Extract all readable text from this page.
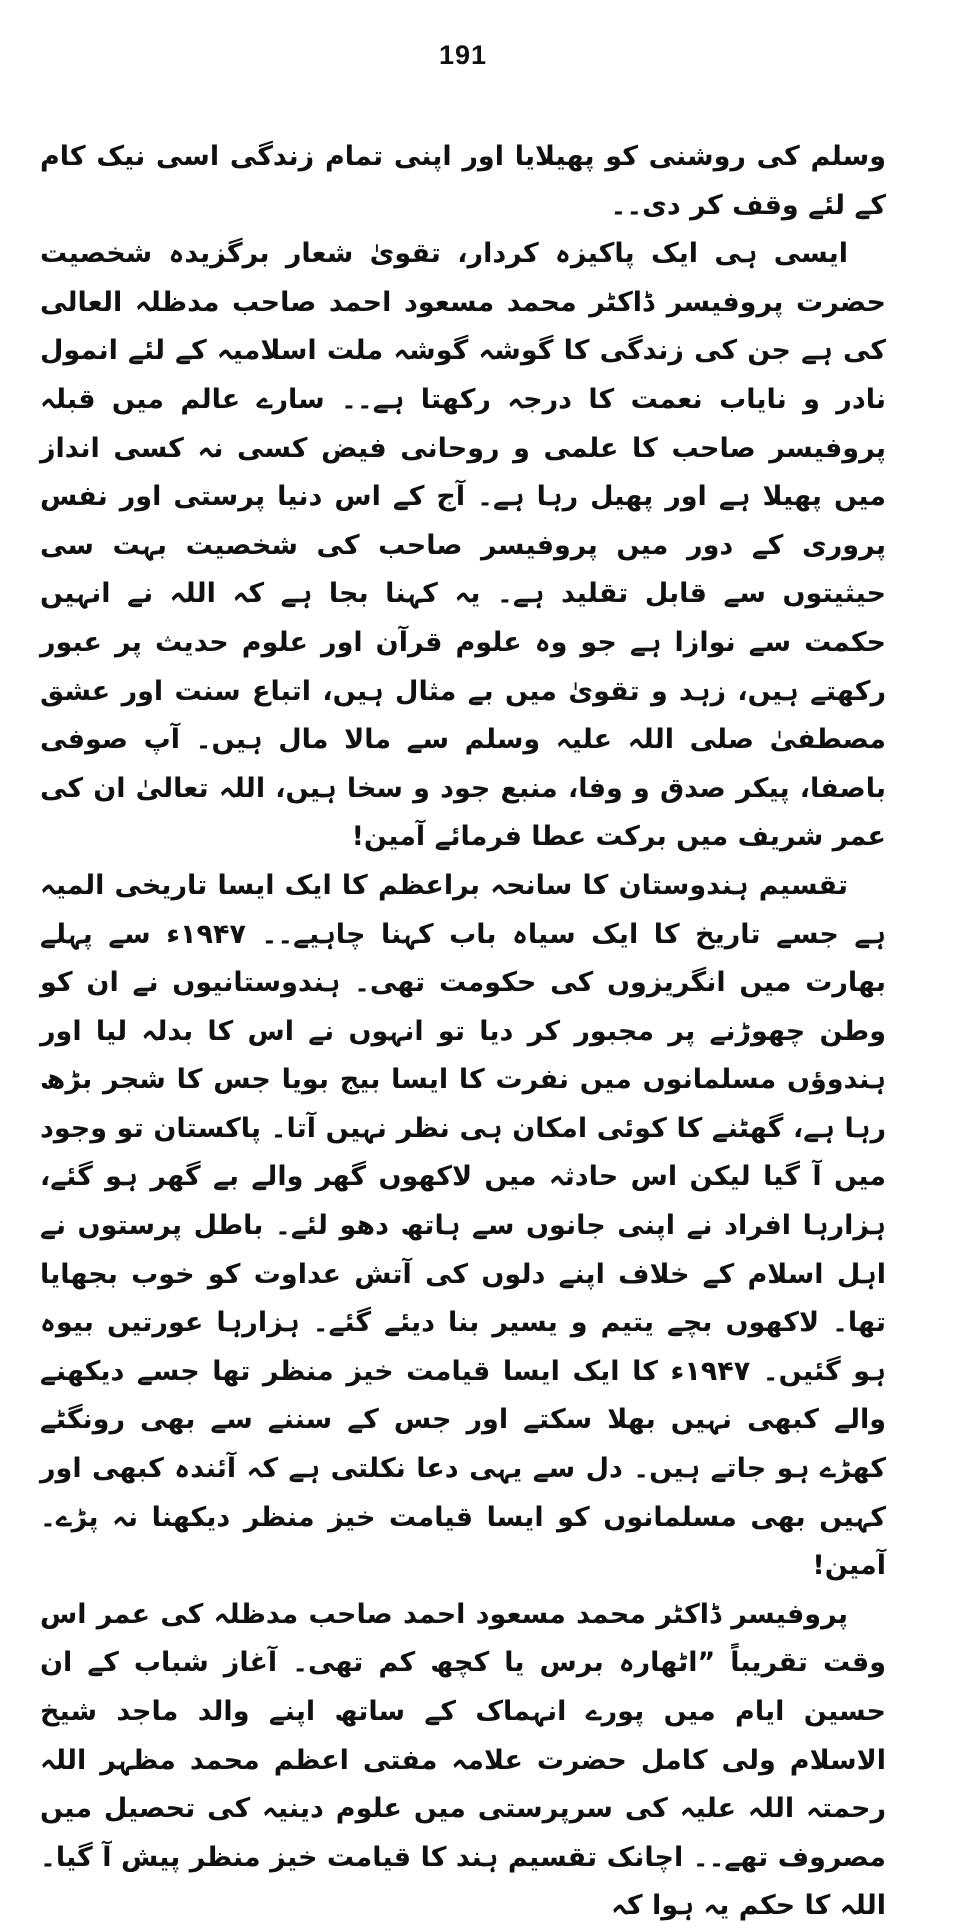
191

وسلم کی روشنی کو پھیلایا اور اپنی تمام زندگی اسی نیک کام کے لئے وقف کر دی۔۔

ایسی ہی ایک پاکیزہ کردار، تقویٰ شعار برگزیدہ شخصیت حضرت پروفیسر ڈاکٹر محمد مسعود احمد صاحب مدظلہ العالی کی ہے جن کی زندگی کا گوشہ گوشہ ملت اسلامیہ کے لئے انمول نادر و نایاب نعمت کا درجہ رکھتا ہے۔۔ سارے عالم میں قبلہ پروفیسر صاحب کا علمی و روحانی فیض کسی نہ کسی انداز میں پھیلا ہے اور پھیل رہا ہے۔ آج کے اس دنیا پرستی اور نفس پروری کے دور میں پروفیسر صاحب کی شخصیت بہت سی حیثیتوں سے قابل تقلید ہے۔ یہ کہنا بجا ہے کہ اللہ نے انہیں حکمت سے نوازا ہے جو وہ علوم قرآن اور علوم حدیث پر عبور رکھتے ہیں، زہد و تقویٰ میں بے مثال ہیں، اتباع سنت اور عشق مصطفیٰ صلی اللہ علیہ وسلم سے مالا مال ہیں۔ آپ صوفی باصفا، پیکر صدق و وفا، منبع جود و سخا ہیں، اللہ تعالیٰ ان کی عمر شریف میں برکت عطا فرمائے آمین!

تقسیم ہندوستان کا سانحہ براعظم کا ایک ایسا تاریخی المیہ ہے جسے تاریخ کا ایک سیاہ باب کہنا چاہیے۔۔ ۱۹۴۷ء سے پہلے بھارت میں انگریزوں کی حکومت تھی۔ ہندوستانیوں نے ان کو وطن چھوڑنے پر مجبور کر دیا تو انہوں نے اس کا بدلہ لیا اور ہندوؤں مسلمانوں میں نفرت کا ایسا بیج بویا جس کا شجر بڑھ رہا ہے، گھٹنے کا کوئی امکان ہی نظر نہیں آتا۔ پاکستان تو وجود میں آ گیا لیکن اس حادثہ میں لاکھوں گھر والے بے گھر ہو گئے، ہزارہا افراد نے اپنی جانوں سے ہاتھ دھو لئے۔ باطل پرستوں نے اہل اسلام کے خلاف اپنے دلوں کی آتش عداوت کو خوب بجھایا تھا۔ لاکھوں بچے یتیم و یسیر بنا دیئے گئے۔ ہزارہا عورتیں بیوہ ہو گئیں۔ ۱۹۴۷ء کا ایک ایسا قیامت خیز منظر تھا جسے دیکھنے والے کبھی نہیں بھلا سکتے اور جس کے سننے سے بھی رونگٹے کھڑے ہو جاتے ہیں۔ دل سے یہی دعا نکلتی ہے کہ آئندہ کبھی اور کہیں بھی مسلمانوں کو ایسا قیامت خیز منظر دیکھنا نہ پڑے۔ آمین!

پروفیسر ڈاکٹر محمد مسعود احمد صاحب مدظلہ کی عمر اس وقت تقریباً ”اٹھارہ برس یا کچھ کم تھی۔ آغاز شباب کے ان حسین ایام میں پورے انہماک کے ساتھ اپنے والد ماجد شیخ الاسلام ولی کامل حضرت علامہ مفتی اعظم محمد مظہر اللہ رحمتہ اللہ علیہ کی سرپرستی میں علوم دینیہ کی تحصیل میں مصروف تھے۔۔ اچانک تقسیم ہند کا قیامت خیز منظر پیش آ گیا۔ اللہ کا حکم یہ ہوا کہ
